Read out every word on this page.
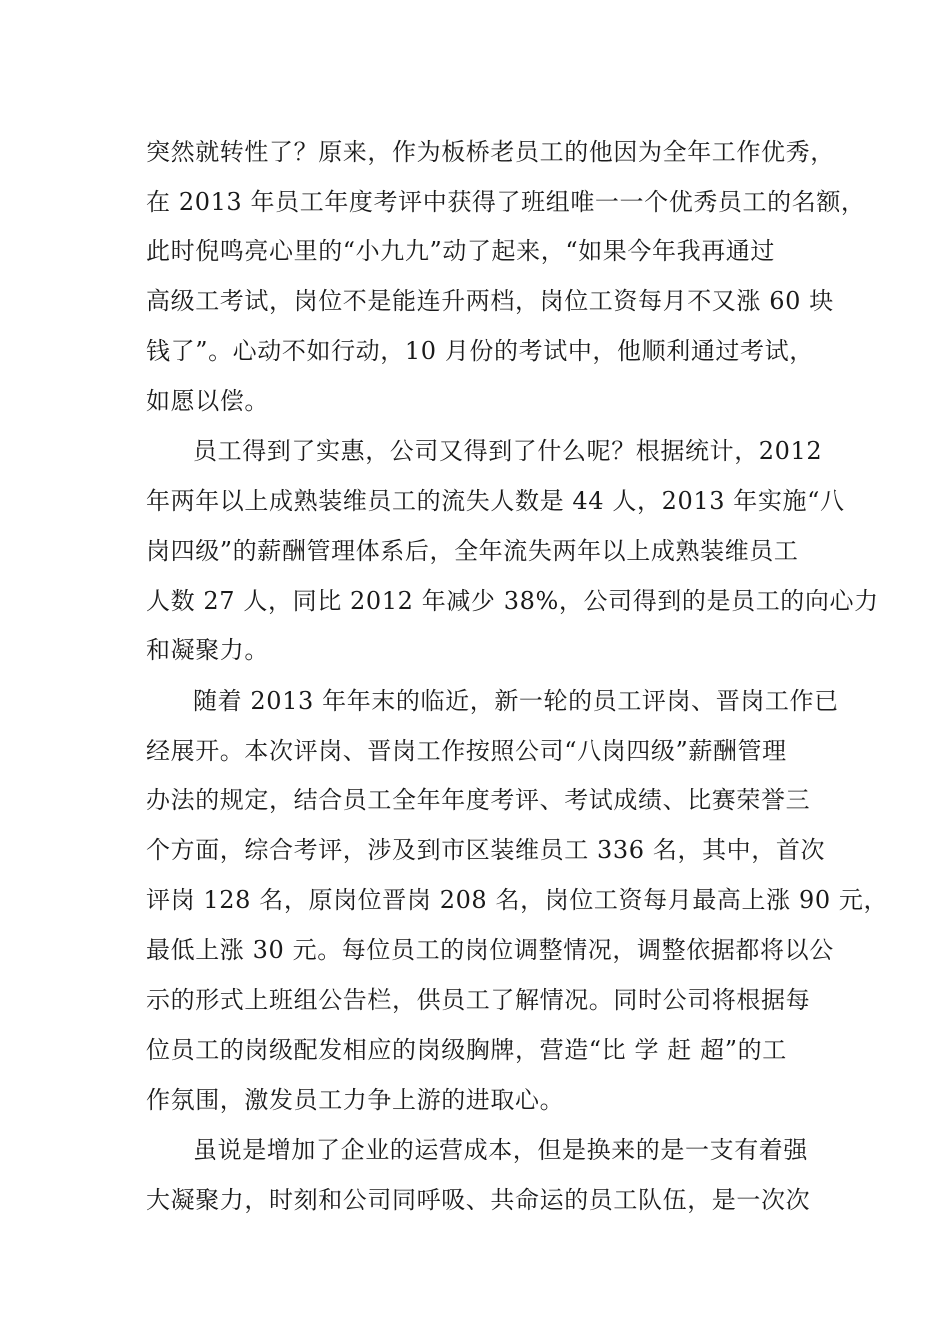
突然就转性了？原来，作为板桥老员工的他因为全年工作优秀，
在 2013 年员工年度考评中获得了班组唯一一个优秀员工的名额，
此时倪鸣亮心里的“小九九”动了起来，“如果今年我再通过
高级工考试，岗位不是能连升两档，岗位工资每月不又涨 60 块
钱了”。心动不如行动，10 月份的考试中，他顺利通过考试，
如愿以偿。
员工得到了实惠，公司又得到了什么呢？根据统计，2012
年两年以上成熟装维员工的流失人数是 44 人，2013 年实施“八
岗四级”的薪酬管理体系后，全年流失两年以上成熟装维员工
人数 27 人，同比 2012 年减少 38%，公司得到的是员工的向心力
和凝聚力。
随着 2013 年年末的临近，新一轮的员工评岗、晋岗工作已
经展开。本次评岗、晋岗工作按照公司“八岗四级”薪酬管理
办法的规定，结合员工全年年度考评、考试成绩、比赛荣誉三
个方面，综合考评，涉及到市区装维员工 336 名，其中，首次
评岗 128 名，原岗位晋岗 208 名，岗位工资每月最高上涨 90 元，
最低上涨 30 元。每位员工的岗位调整情况，调整依据都将以公
示的形式上班组公告栏，供员工了解情况。同时公司将根据每
位员工的岗级配发相应的岗级胸牌，营造“比 学 赶 超”的工
作氛围，激发员工力争上游的进取心。
虽说是增加了企业的运营成本，但是换来的是一支有着强
大凝聚力，时刻和公司同呼吸、共命运的员工队伍，是一次次
